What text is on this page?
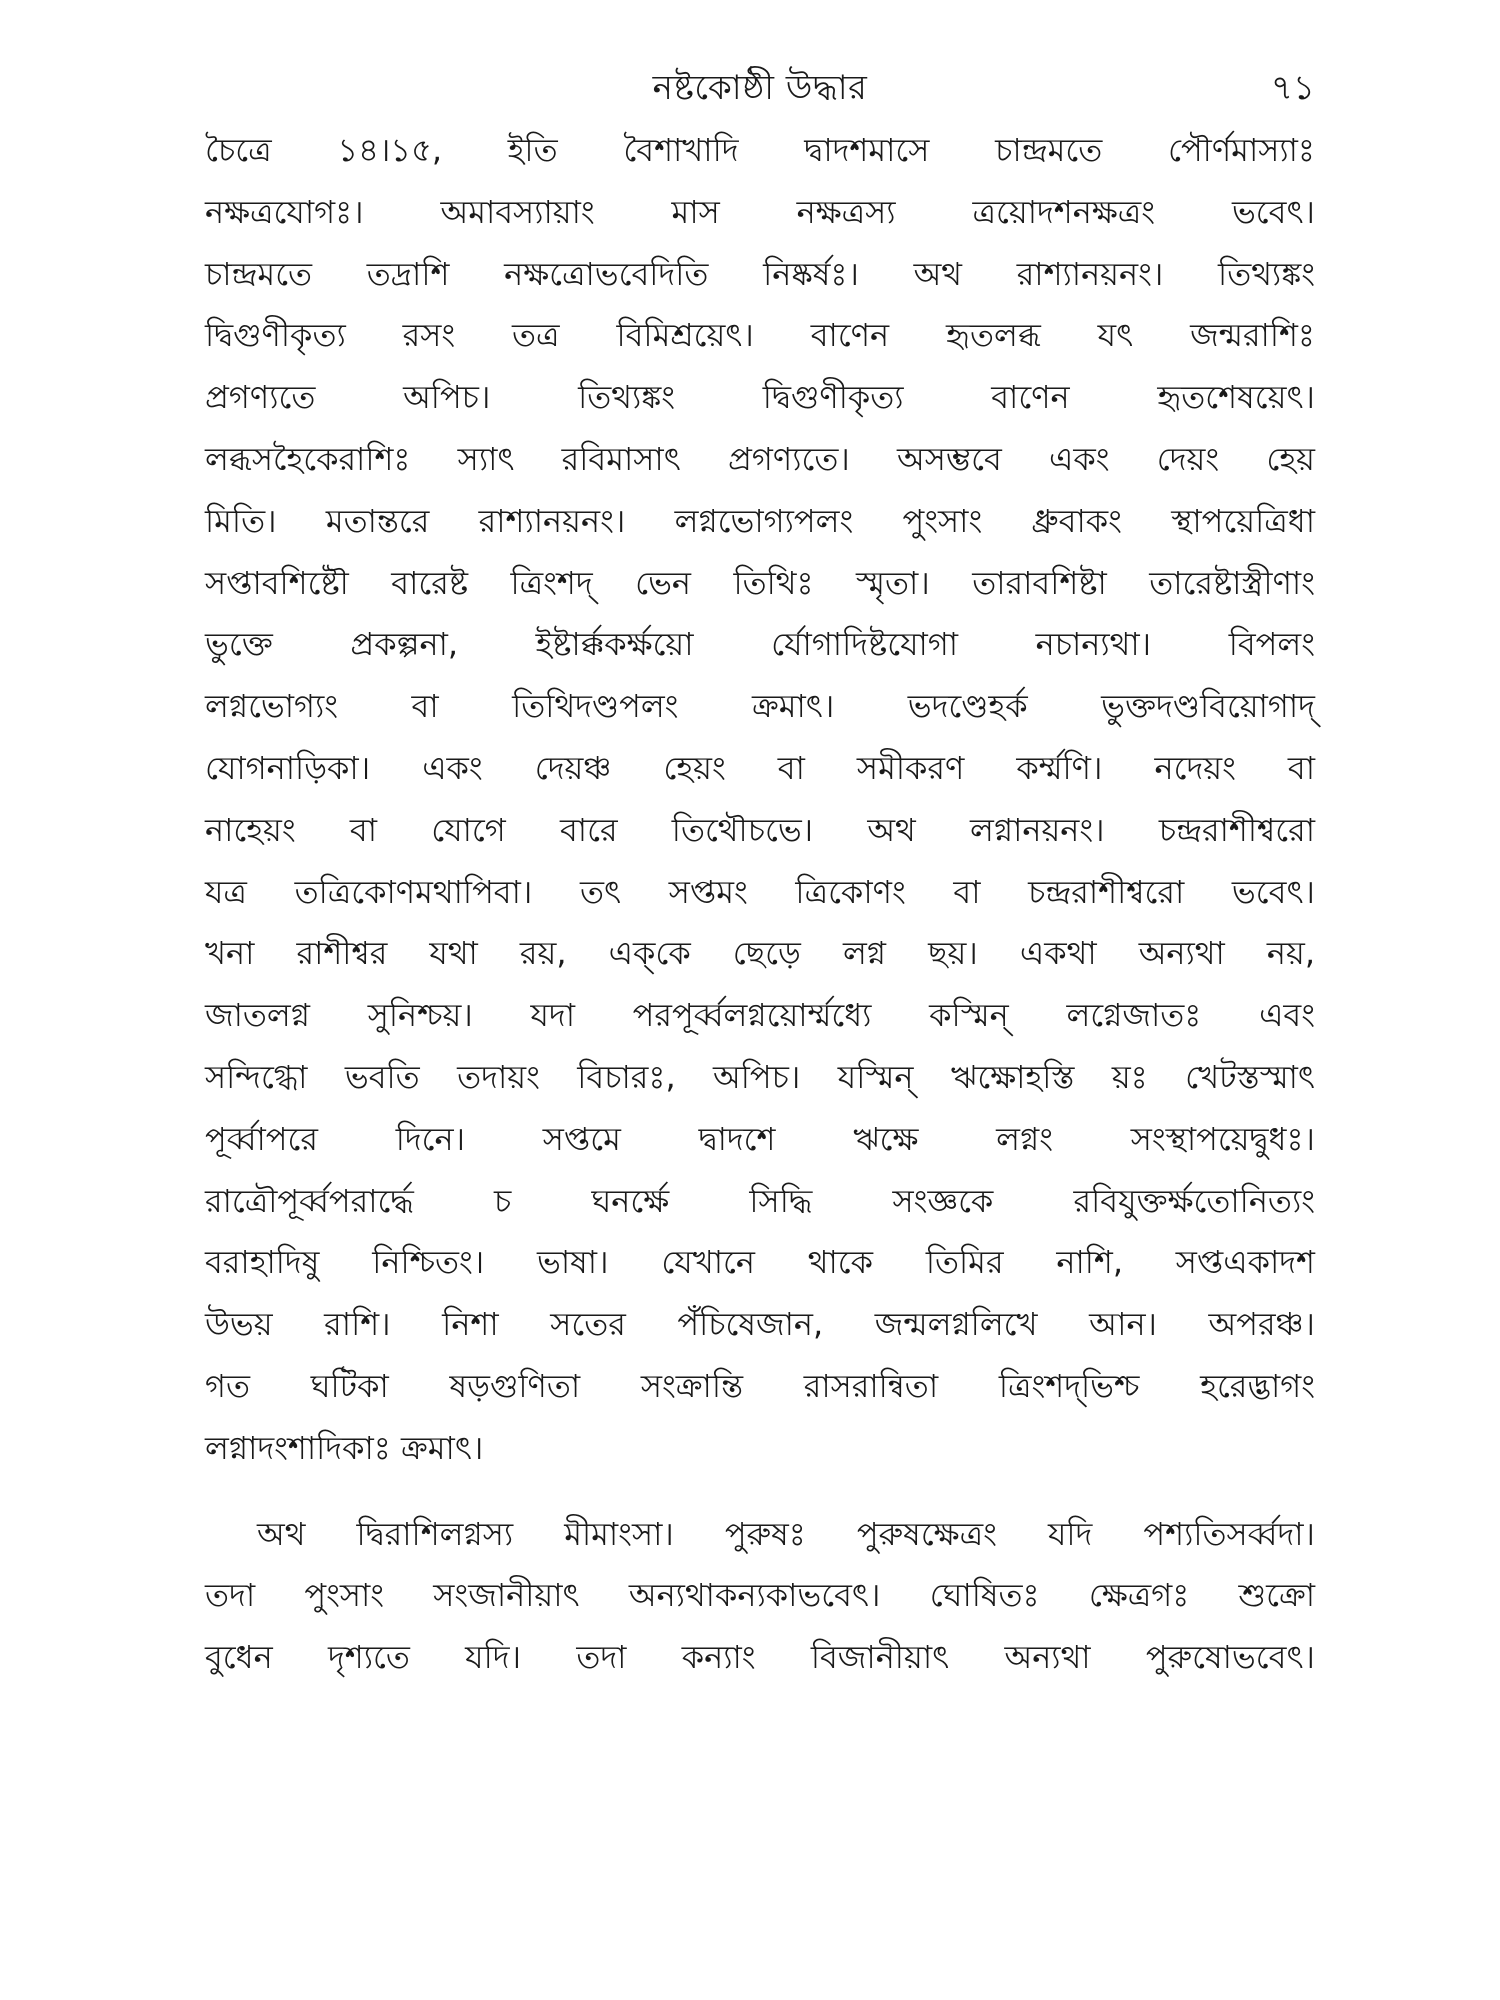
নষ্টকোষ্ঠী উদ্ধার	৭১
চৈত্রে ১৪।১৫, ইতি বৈশাখাদি দ্বাদশমাসে চান্দ্রমতে পৌর্ণমাস্যাঃ
নক্ষত্রযোগঃ। অমাবস্যায়াং মাস নক্ষত্রস্য ত্রয়োদশনক্ষত্রং ভবেৎ।
চান্দ্রমতে তদ্রাশি নক্ষত্রোভবেদিতি নিষ্কর্ষঃ। অথ রাশ্যানয়নং। তিথ্যঙ্কং
দ্বিগুণীকৃত্য রসং তত্র বিমিশ্রয়েৎ। বাণেন হৃতলব্ধ যৎ জন্মরাশিঃ
প্রগণ্যতে অপিচ। তিথ্যঙ্কং দ্বিগুণীকৃত্য বাণেন হৃতশেষয়েৎ।
লব্ধসহৈকেরাশিঃ স্যাৎ রবিমাসাৎ প্রগণ্যতে। অসম্ভবে একং দেয়ং হেয়
মিতি। মতান্তরে রাশ্যানয়নং। লগ্নভোগ্যপলং পুংসাং ধ্রুবাকং স্থাপয়েত্রিধা
সপ্তাবশিষ্টৌ বারেষ্ট ত্রিংশদ্ ভেন তিথিঃ স্মৃতা। তারাবশিষ্টা তারেষ্টাস্ত্রীণাং
ভুক্তে প্রকল্পনা, ইষ্টার্ক্ককর্ক্ষয়ো র্যোগাদিষ্টযোগা নচান্যথা। বিপলং
লগ্নভোগ্যং বা তিথিদণ্ডপলং ক্রমাৎ। ভদণ্ডেহর্ক ভুক্তদণ্ডবিয়োগাদ্
যোগনাড়িকা। একং দেয়ঞ্চ হেয়ং বা সমীকরণ কর্ম্মণি। নদেয়ং বা
নাহেয়ং বা যোগে বারে তিথৌচভে। অথ লগ্নানয়নং। চন্দ্ররাশীশ্বরো
যত্র তত্রিকোণমথাপিবা। তৎ সপ্তমং ত্রিকোণং বা চন্দ্ররাশীশ্বরো ভবেৎ।
খনা রাশীশ্বর যথা রয়, এক্‌কে ছেড়ে লগ্ন ছয়। একথা অন্যথা নয়,
জাতলগ্ন সুনিশ্চয়। যদা পরপূর্ব্বলগ্নয়োর্ম্মধ্যে কস্মিন্ লগ্নেজাতঃ এবং
সন্দিগ্ধো ভবতি তদায়ং বিচারঃ, অপিচ। যস্মিন্ ঋক্ষোহস্তি য়ঃ খেটস্তস্মাৎ
পূর্ব্বাপরে দিনে। সপ্তমে দ্বাদশে ঋক্ষে লগ্নং সংস্থাপয়েদ্বুধঃ।
রাত্রৌপূর্ব্বপরার্দ্ধে চ ঘনর্ক্ষে সিদ্ধি সংজ্ঞকে রবিযুক্তর্ক্ষতোনিত্যং
বরাহাদিষু নিশ্চিতং। ভাষা। যেখানে থাকে তিমির নাশি, সপ্তএকাদশ
উভয় রাশি। নিশা সতের পঁচিষেজান, জন্মলগ্নলিখে আন। অপরঞ্চ।
গত ঘটিকা ষড়গুণিতা সংক্রান্তি রাসরান্বিতা ত্রিংশদ্‌ভিশ্চ হরেদ্ভাগং
লগ্নাদংশাদিকাঃ ক্রমাৎ।
অথ দ্বিরাশিলগ্নস্য মীমাংসা। পুরুষঃ পুরুষক্ষেত্রং যদি পশ্যতিসর্ব্বদা।
তদা পুংসাং সংজানীয়াৎ অন্যথাকন্যকাভবেৎ। ঘোষিতঃ ক্ষেত্রগঃ শুক্রো
বুধেন দৃশ্যতে যদি। তদা কন্যাং বিজানীয়াৎ অন্যথা পুরুষোভবেৎ।
